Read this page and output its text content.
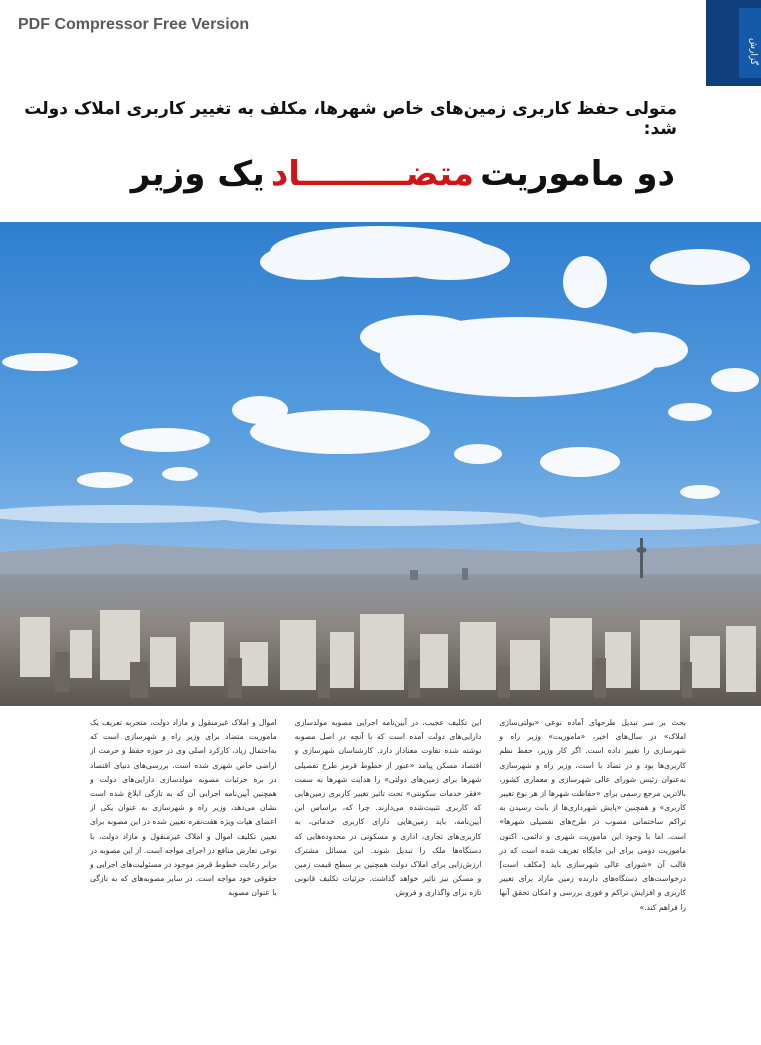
PDF Compressor Free Version
گزارش
متولی حفظ کاربری زمین‌های خاص شهرها، مکلف به تغییر کاربری املاک دولت شد:
دو ماموریت
متضـــــــــاد
یک وزیر
بحث بر سر تبدیل طرحهای آماده نوعی «بولتی‌سازی املاک» در سال‌های اخیر، «ماموریت» وزیر راه و شهرسازی را تغییر داده است. اگر کار وزیر، حفظ نظم کاربری‌ها بود و در تضاد با است، وزیر راه و شهرسازی به‌عنوان رئیس شورای عالی شهرسازی و معماری کشور، بالاترین مرجع رسمی برای «حفاظت شهرها از هر نوع تغییر کاربری» و همچنین «پایش شهرداری‌ها از بابت رسیدن به تراکم ساختمانی مصوب در طرح‌های تفصیلی شهرها» است. اما با وجود این ماموریت شهری و دائمی، اکنون ماموریت دومی برای این جایگاه تعریف شده است که در قالب آن «شورای عالی شهرسازی باید [مکلف است] درخواست‌های دستگاه‌های دارنده زمین مازاد برای تغییر کاربری و افزایش تراکم و فوری بررسی و امکان تحقق آنها را فراهم کند.»
این تکلیف عجیب، در آیین‌نامه اجرایی مصوبه مولدسازی دارایی‌های دولت آمده است که با آنچه در اصل مصوبه نوشته شده تفاوت معنادار دارد. کارشناسان شهرسازی و اقتصاد مسکن پیامد «عبور از خطوط قرمز طرح تفصیلی شهرها برای زمین‌های دولتی» را هدایت شهرها به سمت «فقر خدمات سکونتی» تحت تاثیر تغییر کاربری زمین‌هایی که کاربری تثبیت‌شده می‌دارند. چرا که، براساس این آیین‌نامه، باید زمین‌هایی دارای کاربری خدماتی، به کاربری‌های تجاری، اداری و مسکونی در محدوده‌هایی که دستگاه‌ها ملک را تبدیل شوند. این مسائل مشترک ارزش‌زایی برای املاک دولت همچنین بر سطح قیمت زمین و مسکن نیز تاثیر خواهد گذاشت. جزئیات تکلیف قانونی تازه برای واگذاری و فروش
اموال و املاک غیرمنقول و مازاد دولت، متجربه تعریف یک ماموریت متضاد برای وزیر راه و شهرسازی است که به‌احتمال زیاد، کارکرد اصلی وی در حوزه حفظ و حرمت از اراضی خاص شهری شده است. بررسی‌های دنیای اقتصاد در بره جزئیات مصوبه مولدسازی دارایی‌های دولت و همچنین آیین‌نامه اجرایی آن که به تازگی ابلاغ شده است نشان می‌دهد، وزیر راه و شهرسازی به عنوان یکی از اعضای هیات ویژه هفت‌نفره تعیین شده در این مصوبه برای تعیین تکلیف اموال و املاک غیرمنقول و مازاد دولت، با نوعی تعارض منافع در اجرای مواجه است. از این مصوبه در برابر رعایت خطوط قرمز موجود در مسئولیت‌های اجرایی و حقوقی خود مواجه است. در سایر مصوبه‌های که به تازگی با عنوان مصوبه
